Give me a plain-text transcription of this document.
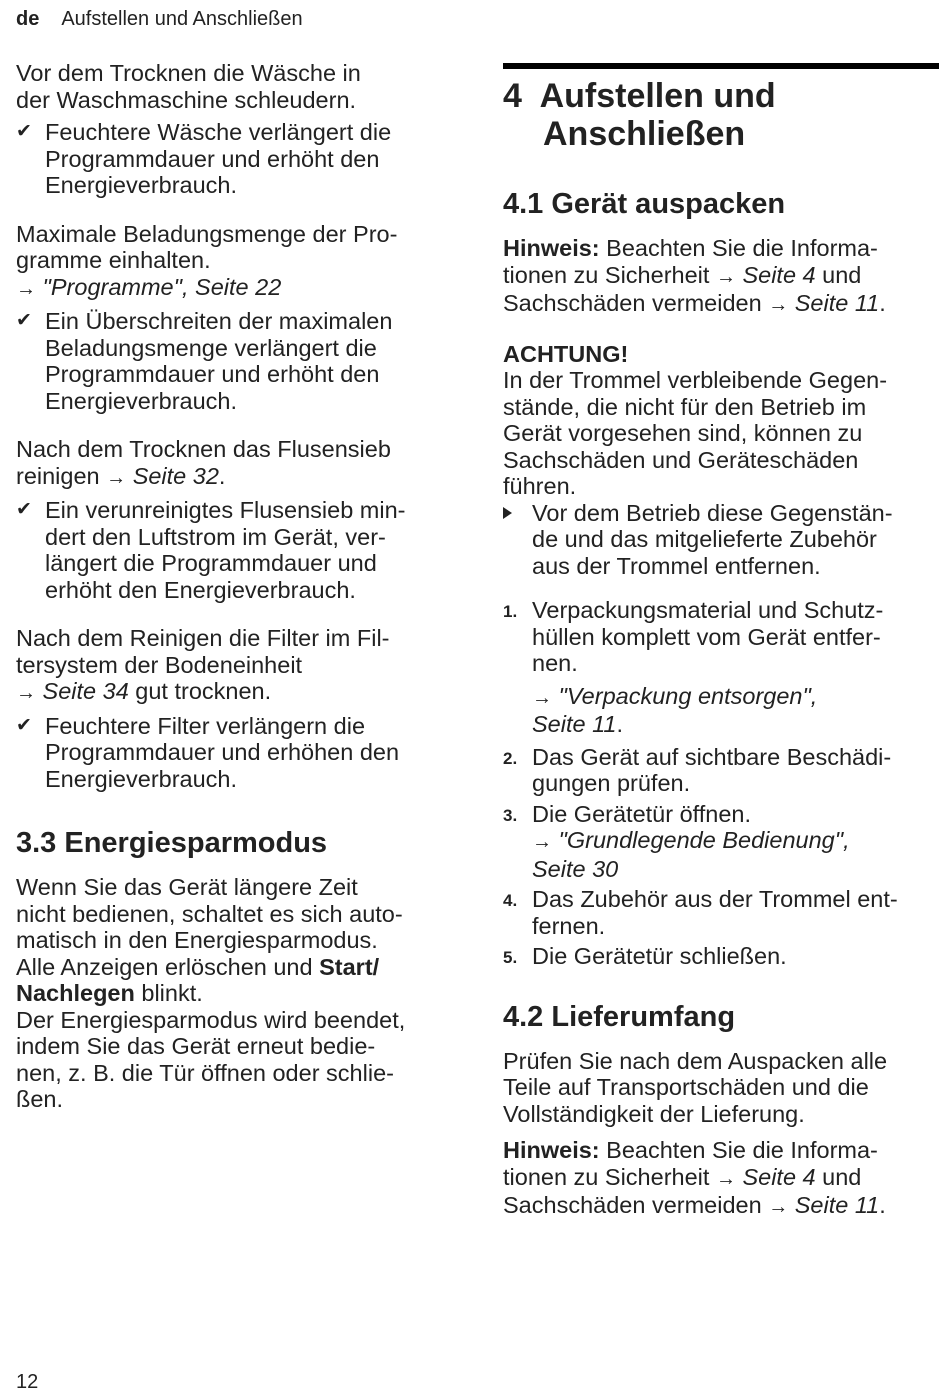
de Aufstellen und Anschließen

Vor dem Trocknen die Wäsche in
der Waschmaschine schleudern.

✔ Feuchtere Wäsche verlängert die
Programmdauer und erhöht den
Energieverbrauch.

Maximale Beladungsmenge der Pro-
gramme einhalten.
→ "Programme", Seite 22

✔ Ein Überschreiten der maximalen
Beladungsmenge verlängert die
Programmdauer und erhöht den
Energieverbrauch.

Nach dem Trocknen das Flusensieb
reinigen → Seite 32.

✔ Ein verunreinigtes Flusensieb min-
dert den Luftstrom im Gerät, ver-
längert die Programmdauer und
erhöht den Energieverbrauch.

Nach dem Reinigen die Filter im Fil-
tersystem der Bodeneinheit
→ Seite 34 gut trocknen.

✔ Feuchtere Filter verlängern die
Programmdauer und erhöhen den
Energieverbrauch.
3.3 Energiesparmodus

Wenn Sie das Gerät längere Zeit
nicht bedienen, schaltet es sich auto-
matisch in den Energiesparmodus.
Alle Anzeigen erlöschen und Start/
Nachlegen blinkt.
Der Energiesparmodus wird beendet,
indem Sie das Gerät erneut bedie-
nen, z. B. die Tür öffnen oder schlie-
ßen.

4 Aufstellen und
Anschließen
4.1 Gerät auspacken

Hinweis: Beachten Sie die Informa-
tionen zu Sicherheit → Seite 4 und
Sachschäden vermeiden → Seite 11.

ACHTUNG!
In der Trommel verbleibende Gegen-
stände, die nicht für den Betrieb im
Gerät vorgesehen sind, können zu
Sachschäden und Geräteschäden
führen.

Vor dem Betrieb diese Gegenstän-
de und das mitgelieferte Zubehör
aus der Trommel entfernen.
1. Verpackungsmaterial und Schutz-
hüllen komplett vom Gerät entfer-
nen.

→ "Verpackung entsorgen",
Seite 11.
2. Das Gerät auf sichtbare Beschädi-
gungen prüfen.
3. Die Gerätetür öffnen.
→ "Grundlegende Bedienung",
Seite 30
4. Das Zubehör aus der Trommel ent-
fernen.
5. Die Gerätetür schließen.
4.2 Lieferumfang

Prüfen Sie nach dem Auspacken alle
Teile auf Transportschäden und die
Vollständigkeit der Lieferung.

Hinweis: Beachten Sie die Informa-
tionen zu Sicherheit → Seite 4 und
Sachschäden vermeiden → Seite 11.

12
